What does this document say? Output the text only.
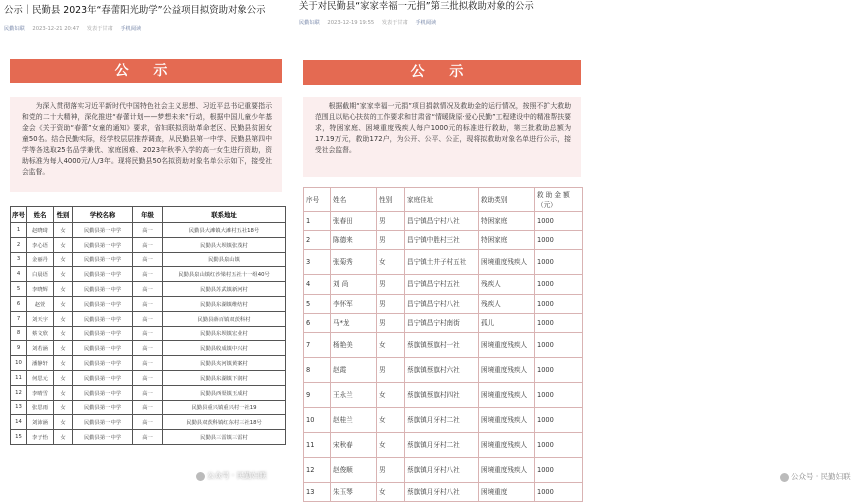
公示｜民勤县 2023年“春蕾阳光助学”公益项目拟资助对象公示
民勤妇联 2023-12-21 20:47 发表于甘肃 手机阅读
公 示
为深入贯彻落实习近平新时代中国特色社会主义思想、习近平总书记重要指示和党的二十大精神，深化推进“春蕾计划——梦想未来”行动，根据中国儿童少年基金会《关于资助“春蕾”女童的通知》要求，省妇联拟资助革命老区、民勤县贫困女童50名。结合民勤实际，经学校层层推荐调查，从民勤县第一中学、民勤县第四中学等各选取25名品学兼优、家庭困难、2023年秋季入学的高一女生进行资助，资助标准为每人4000元/人/3年。现将民勤县50名拟资助对象名单公示如下，接受社会监督。
序号	姓名	性别	学校名称	年级	联系地址
1	赵晓琦	女	民勤县第一中学	高一	民勤县大滩镇大滩村五社18号
2	李心语	女	民勤县第一中学	高一	民勤县大坝镇张茂村
3	金丽丹	女	民勤县第一中学	高一	民勤县泉山镇
4	白晨语	女	民勤县第一中学	高一	民勤县泉山镇红沙梁村五社十一组40号
5	李晓辉	女	民勤县第一中学	高一	民勤县苏武镇新河村
6	赵萱	女	民勤县第一中学	高一	民勤县东湖镇维结村
7	刘天宇	女	民勤县第一中学	高一	民勤县薛百镇双茨科村
8	蔡文欣	女	民勤县第一中学	高一	民勤县东坝镇宏业村
9	刘若涵	女	民勤县第一中学	高一	民勤县收成镇中兴村
10	潘静轩	女	民勤县第一中学	高一	民勤县夹河镇黄案村
11	何思元	女	民勤县第一中学	高一	民勤县东湖镇下润村
12	李晴雪	女	民勤县第一中学	高一	民勤县西渠镇玉成村
13	张思雨	女	民勤县第一中学	高一	民勤县重兴镇重兴村一社19
14	刘沛涵	女	民勤县第一中学	高一	民勤县双茨科镇红东村三社18号
15	李子怡	女	民勤县第一中学	高一	民勤县三雷镇三雷村
公众号 · 民勤妇联
关于对民勤县“家家幸福一元捐”第三批拟救助对象的公示
民勤妇联 2023-12-19 19:55 发表于甘肃 手机阅读
公 示
根据截期“家家幸福一元捐”项目捐款情况及救助金的运行情况，按照不扩大救助范围且以贴心扶贫的工作要求和甘肃省“情暖陇原·爱心民勤”工程建设中的精准帮扶要求，特困家庭、困境重度残疾人每户1000元的标准进行救助，第三批救助总额为17.19万元，救助172户，为公开、公平、公正，现将拟救助对象名单进行公示，接受社会监督。
序号	姓名	性别	家庭住址	救助类别	救 助 金 额（元）
1	张春田	男	昌宁镇昌宁村八社	特困家庭	1000
2	陈德来	男	昌宁镇中胜村三社	特困家庭	1000
3	张菊秀	女	昌宁镇土井子村五社	困境重度残疾人	1000
4	刘 尚	男	昌宁镇昌宁村五社	残疾人	1000
5	李怀军	男	昌宁镇昌宁村八社	残疾人	1000
6	马*龙	男	昌宁镇昌宁村南街	孤儿	1000
7	杨艳美	女	蔡旗镇蔡旗村一社	困境重度残疾人	1000
8	赵霞	男	蔡旗镇蔡旗村六社	困境重度残疾人	1000
9	王永兰	女	蔡旗镇蔡旗村四社	困境重度残疾人	1000
10	赵桂兰	女	蔡旗镇月牙村二社	困境重度残疾人	1000
11	宋秋春	女	蔡旗镇月牙村二社	困境重度残疾人	1000
12	赵俊顺	男	蔡旗镇月牙村八社	困境重度残疾人	1000
13	朱玉琴	女	蔡旗镇月牙村八社	困境重度	1000
公众号 · 民勤妇联
